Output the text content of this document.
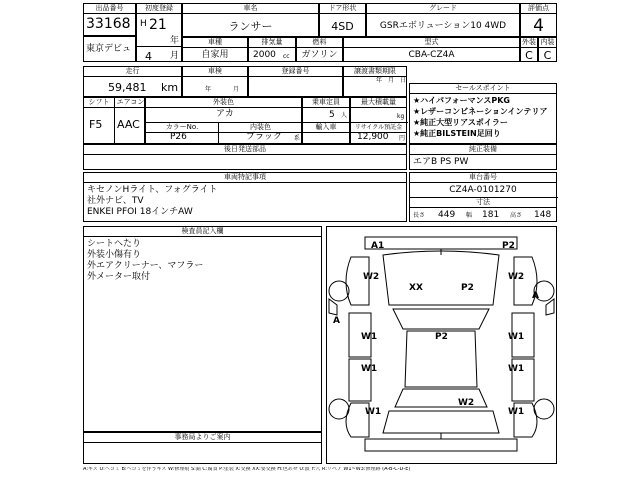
出品番号
33168
初度登録
H 21
年
4 月
東京デビュ
車名
ランサー
ドア形状
4SD
グレード
GSRエボリューション10 4WD
評価点
4
車種
自家用
排気量
2000 cc
燃料
ガソリン
型式
CBA-CZ4A
外装
C
内装
C
走行
59,481 km
車検
年	月
登録番号	譲渡書類期限
年 月 日
シフト	エアコン
F5 AAC
外装色
アカ
カラーNo.	内装色
P26	ブラック 系
乗車定員
5 人
輸入車
最大積載量
kg
リサイクル預託金
12,900 円
セールスポイント
★ハイパフォーマンスPKG
★レザーコンビネーションインテリア
★純正大型リアスポイラー
★純正BILSTEIN足回り
後日発送部品	純正装備
エアB PS PW
車両特記事項
キセノンHライト、フォグライト
社外ナビ、TV
ENKEI PFOI 18インチAW
車台番号
CZ4A-0101270
寸法
長さ 449 幅 181 高さ 148
検査員記入欄
シートヘたり
外装小傷有り
外エアクリーナー、マフラー
外メーター取付
事務局よりご案内
A1	P2
W2	W2
XX	P2
A
A
W1	W1
P2
W1	W1
W1
W2
W1
A:キズ U:ヘコミ B:ヘコミを伴うキズ W:修理痕 S:錆 C:腐食 P:塗装 X:交換 XX:要交換 H:色あせ U:波 Y:穴 R:リペア W1~W3:修理跡 (A-B-C-D-E)
